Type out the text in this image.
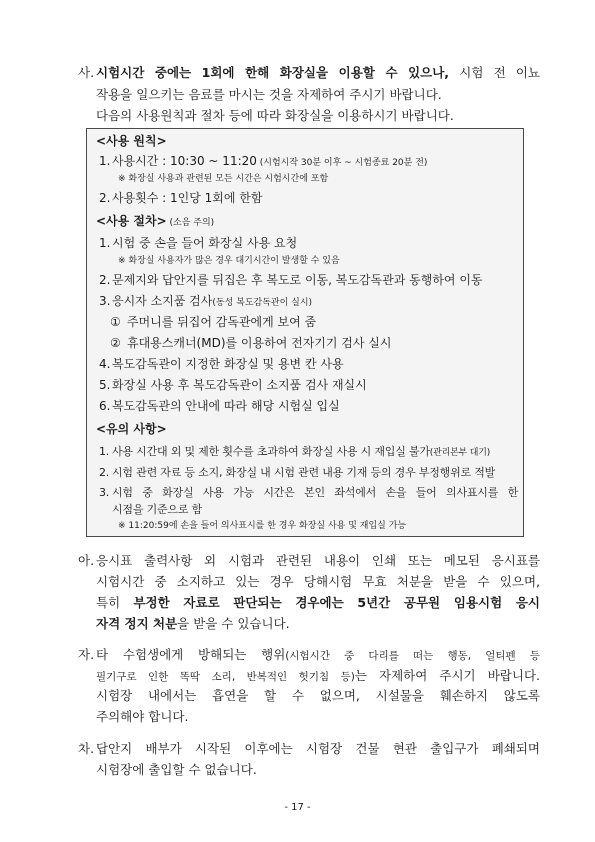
사. 시험시간 중에는 1회에 한해 화장실을 이용할 수 있으나, 시험 전 이뇨
작용을 일으키는 음료를 마시는 것을 자제하여 주시기 바랍니다.
다음의 사용원칙과 절차 등에 따라 화장실을 이용하시기 바랍니다.
<사용 원칙>
1. 사용시간 : 10:30 ~ 11:20 (시험시작 30분 이후 ~ 시험종료 20분 전)
※ 화장실 사용과 관련된 모든 시간은 시험시간에 포함
2. 사용횟수 : 1인당 1회에 한함
<사용 절차> (소음 주의)
1. 시험 중 손을 들어 화장실 사용 요청
※ 화장실 사용자가 많은 경우 대기시간이 발생할 수 있음
2. 문제지와 답안지를 뒤집은 후 복도로 이동, 복도감독관과 동행하여 이동
3. 응시자 소지품 검사(동성 복도감독관이 실시)
① 주머니를 뒤집어 감독관에게 보여 줌
② 휴대용스캐너(MD)를 이용하여 전자기기 검사 실시
4. 복도감독관이 지정한 화장실 및 용변 칸 사용
5. 화장실 사용 후 복도감독관이 소지품 검사 재실시
6. 복도감독관의 안내에 따라 해당 시험실 입실
<유의 사항>
1. 사용 시간대 외 및 제한 횟수를 초과하여 화장실 사용 시 재입실 불가(관리본부 대기)
2. 시험 관련 자료 등 소지, 화장실 내 시험 관련 내용 기재 등의 경우 부정행위로 적발
3. 시험 중 화장실 사용 가능 시간은 본인 좌석에서 손을 들어 의사표시를 한
시점을 기준으로 함
※ 11:20:59에 손을 들어 의사표시를 한 경우 화장실 사용 및 재입실 가능
아. 응시표 출력사항 외 시험과 관련된 내용이 인쇄 또는 메모된 응시표를
시험시간 중 소지하고 있는 경우 당해시험 무효 처분을 받을 수 있으며,
특히 부정한 자료로 판단되는 경우에는 5년간 공무원 임용시험 응시
자격 정지 처분을 받을 수 있습니다.
자. 타 수험생에게 방해되는 행위(시험시간 중 다리를 떠는 행동, 얼티펜 등
필기구로 인한 똑딱 소리, 반복적인 헛기침 등)는 자제하여 주시기 바랍니다.
시험장 내에서는 흡연을 할 수 없으며, 시설물을 훼손하지 않도록
주의해야 합니다.
차. 답안지 배부가 시작된 이후에는 시험장 건물 현관 출입구가 폐쇄되며
시험장에 출입할 수 없습니다.
- 17 -
